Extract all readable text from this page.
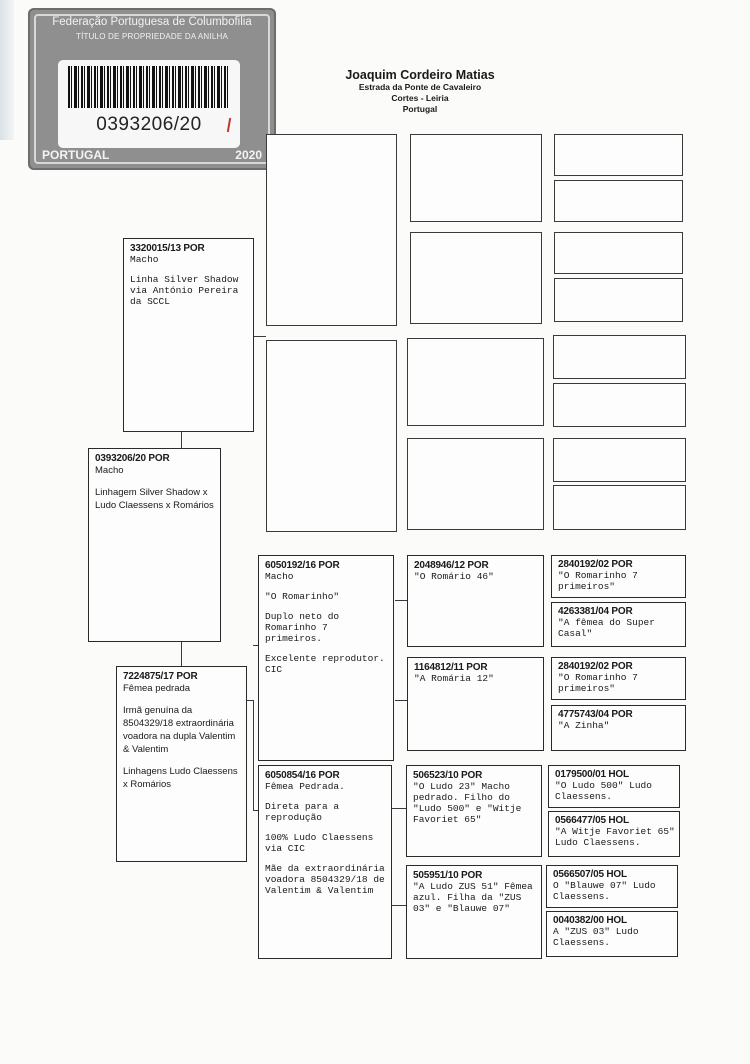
Federação Portuguesa de Columbofilia
TÍTULO DE PROPRIEDADE DA ANILHA
0393206/20
PORTUGAL	2020
Joaquim Cordeiro Matias
Estrada da Ponte de Cavaleiro
Cortes - Leiria
Portugal
0393206/20 POR
Macho
Linhagem Silver Shadow x Ludo Claessens x Romários
3320015/13 POR
Macho
Linha Silver Shadow via António Pereira da SCCL
7224875/17 POR
Fêmea pedrada
Irmã genuína da 8504329/18 extraordinária voadora na dupla Valentim & Valentim
Linhagens Ludo Claessens x Romários
6050192/16 POR
Macho
"O Romarinho"
Duplo neto do Romarinho 7 primeiros.
Excelente reprodutor. CIC
6050854/16 POR
Fêmea Pedrada.
Direta para a reprodução
100% Ludo Claessens via CIC
Mãe da extraordinária voadora 8504329/18 de Valentim & Valentim
2048946/12 POR
"O Romário 46"
1164812/11 POR
"A Romária 12"
506523/10 POR
"O Ludo 23" Macho pedrado. Filho do "Ludo 500" e "Witje Favoriet 65"
505951/10 POR
"A Ludo ZUS 51" Fêmea azul. Filha da "ZUS 03" e "Blauwe 07"
2840192/02 POR
"O Romarinho 7 primeiros"
4263381/04 POR
"A fêmea do Super Casal"
2840192/02 POR
"O Romarinho 7 primeiros"
4775743/04 POR
"A Zinha"
0179500/01 HOL
"O Ludo 500" Ludo Claessens.
0566477/05 HOL
"A Witje Favoriet 65" Ludo Claessens.
0566507/05 HOL
O "Blauwe 07" Ludo Claessens.
0040382/00 HOL
A "ZUS 03" Ludo Claessens.
